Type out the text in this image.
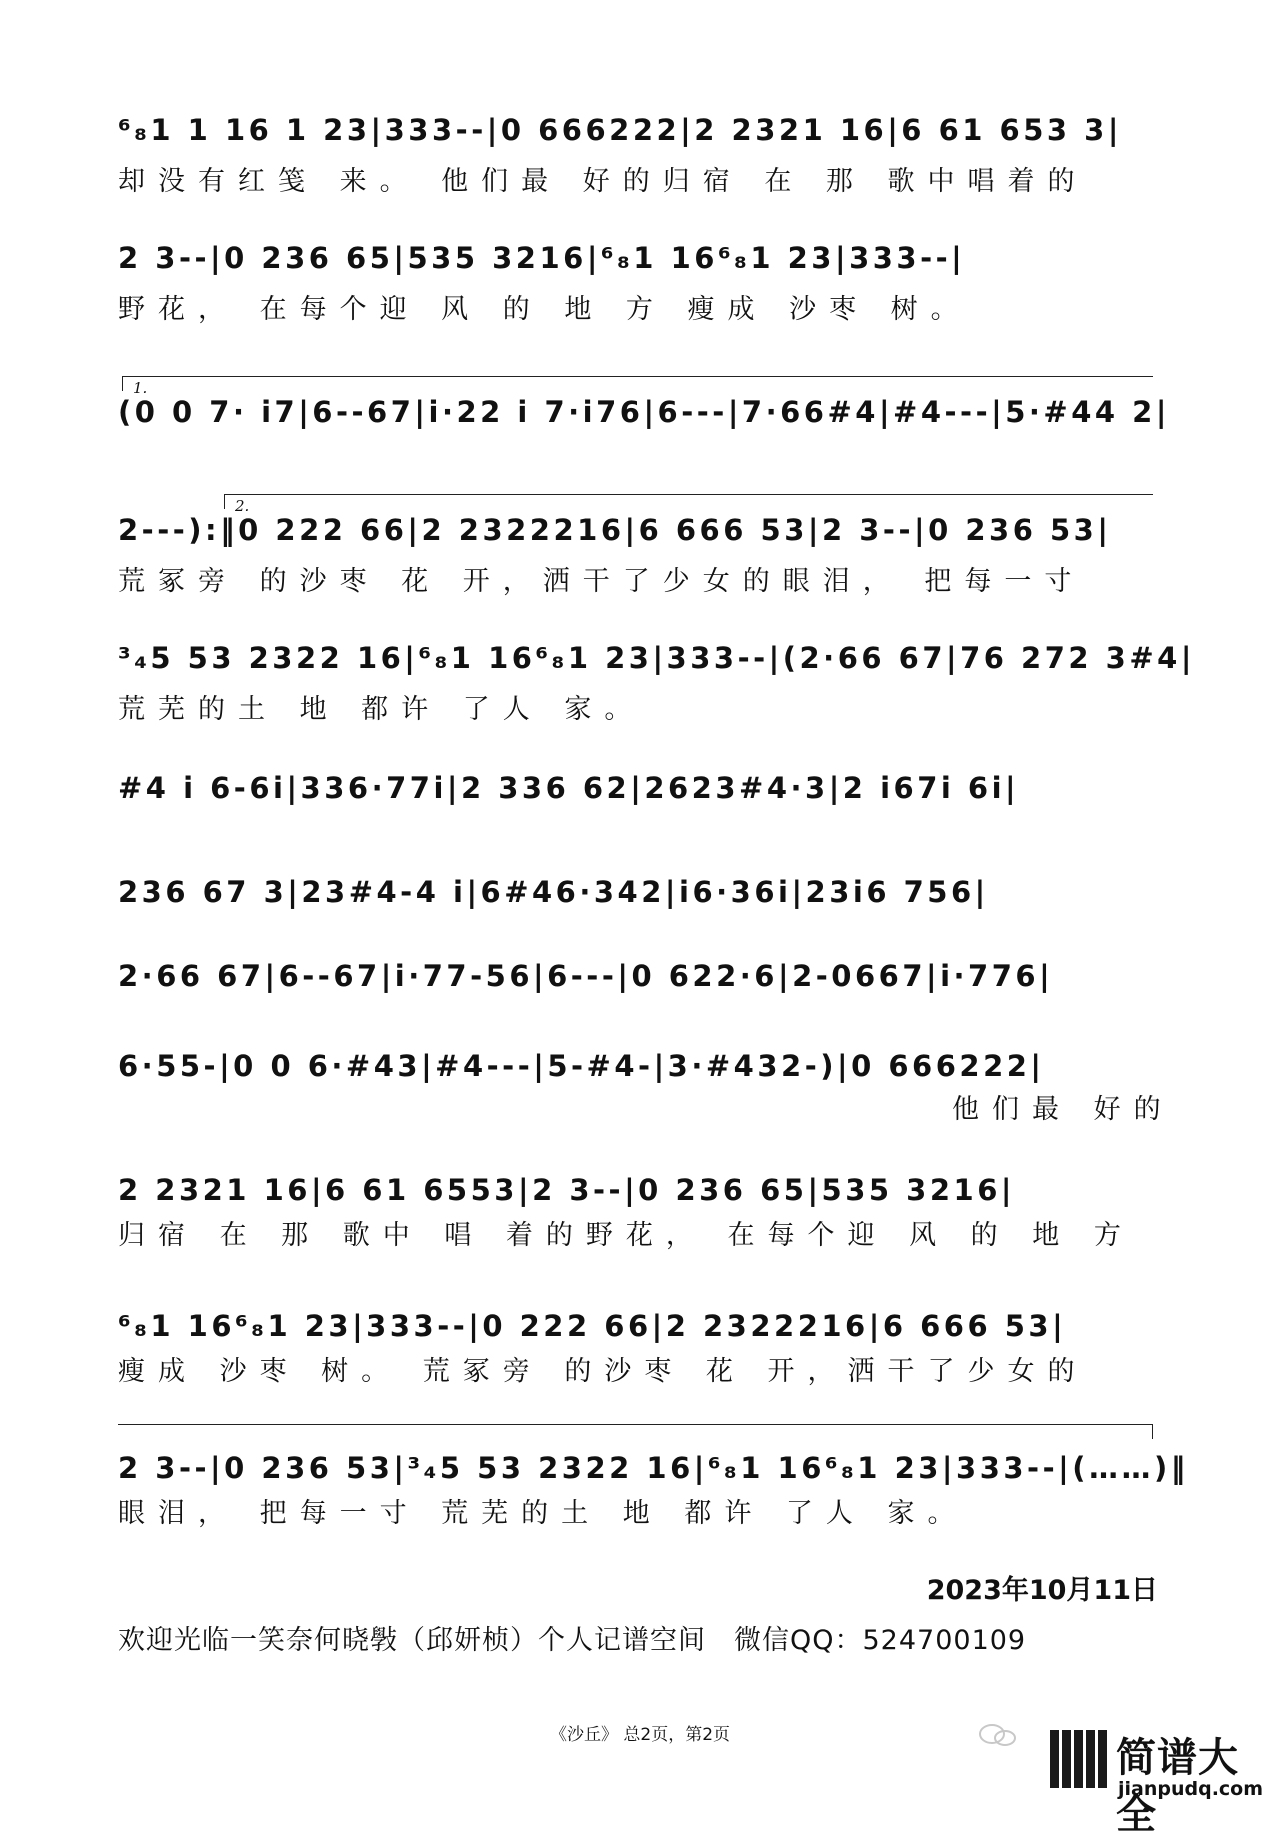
⁶₈1 1 16 1 23|333--|0 666222|2 2321 16|6 61 653 3|
却没有红笺 来。 他们最 好的归宿 在 那 歌中唱着的
2 3--|0 236 65|535 3216|⁶₈1 16⁶₈1 23|333--|
野花， 在每个迎 风 的 地 方 瘦成 沙枣 树。
1.
(0 0 7· i7|6--67|i·22 i 7·i76|6---|7·66#4|#4---|5·#44 2|
2.
2---):‖0 222 66|2 2322216|6 666 53|2 3--|0 236 53|
荒冢旁 的沙枣 花 开，洒干了少女的眼泪， 把每一寸
³₄5 53 2322 16|⁶₈1 16⁶₈1 23|333--|(2·66 67|76 272 3#4|
荒芜的土 地 都许 了人 家。
#4 i 6-6i|336·77i|2 336 62|2623#4·3|2 i67i 6i|
236 67 3|23#4-4 i|6#46·342|i6·36i|23i6 756|
2·66 67|6--67|i·77-56|6---|0 622·6|2-0667|i·776|
6·55-|0 0 6·#43|#4---|5-#4-|3·#432-)|0 666222|
他们最 好的
2 2321 16|6 61 6553|2 3--|0 236 65|535 3216|
归宿 在 那 歌中 唱 着的野花， 在每个迎 风 的 地 方
⁶₈1 16⁶₈1 23|333--|0 222 66|2 2322216|6 666 53|
瘦成 沙枣 树。 荒冢旁 的沙枣 花 开，洒干了少女的
2 3--|0 236 53|³₄5 53 2322 16|⁶₈1 16⁶₈1 23|333--|(……)‖
眼泪， 把每一寸 荒芜的土 地 都许 了人 家。
2023年10月11日
欢迎光临一笑奈何晓斅（邱妍桢）个人记谱空间　微信QQ：524700109
《沙丘》 总2页，第2页	简谱大全
jianpudq.com
